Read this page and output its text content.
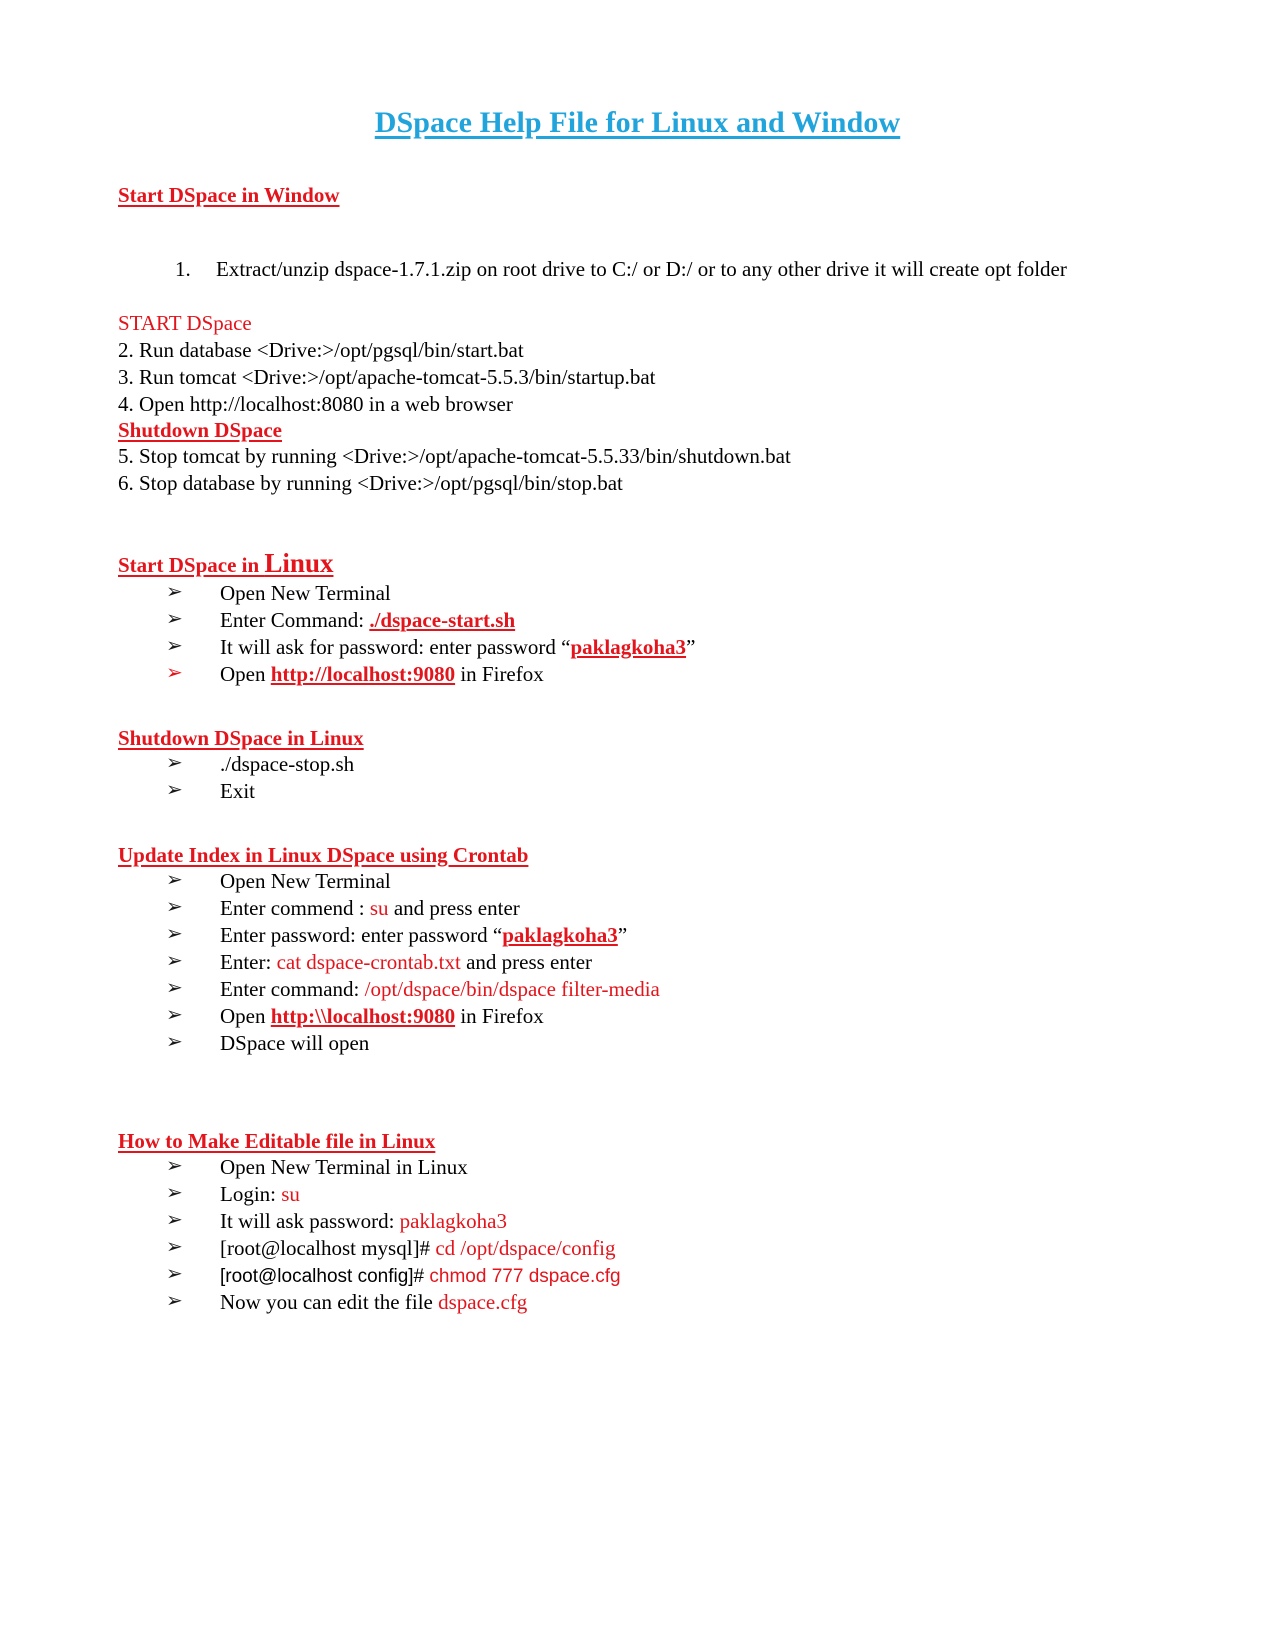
DSpace Help File for Linux and Window
Start DSpace in Window
1. Extract/unzip dspace-1.7.1.zip on root drive to C:/ or D:/ or to any other drive it will create opt folder
START DSpace
2. Run database <Drive:>/opt/pgsql/bin/start.bat
3. Run tomcat <Drive:>/opt/apache-tomcat-5.5.3/bin/startup.bat
4. Open http://localhost:8080 in a web browser
Shutdown DSpace
5. Stop tomcat by running <Drive:>/opt/apache-tomcat-5.5.33/bin/shutdown.bat
6. Stop database by running <Drive:>/opt/pgsql/bin/stop.bat
Start DSpace in Linux
➢ Open New Terminal
➢ Enter Command: ./dspace-start.sh
➢ It will ask for password: enter password “paklagkoha3”
➢ Open http://localhost:9080 in Firefox
Shutdown DSpace in Linux
➢ ./dspace-stop.sh
➢ Exit
Update Index in Linux DSpace using Crontab
➢ Open New Terminal
➢ Enter commend : su and press enter
➢ Enter password: enter password “paklagkoha3”
➢ Enter: cat dspace-crontab.txt and press enter
➢ Enter command: /opt/dspace/bin/dspace filter-media
➢ Open http:\\localhost:9080 in Firefox
➢ DSpace will open
How to Make Editable file in Linux
➢ Open New Terminal in Linux
➢ Login: su
➢ It will ask password: paklagkoha3
➢ [root@localhost mysql]# cd /opt/dspace/config
➢ [root@localhost config]# chmod 777 dspace.cfg
➢ Now you can edit the file dspace.cfg
